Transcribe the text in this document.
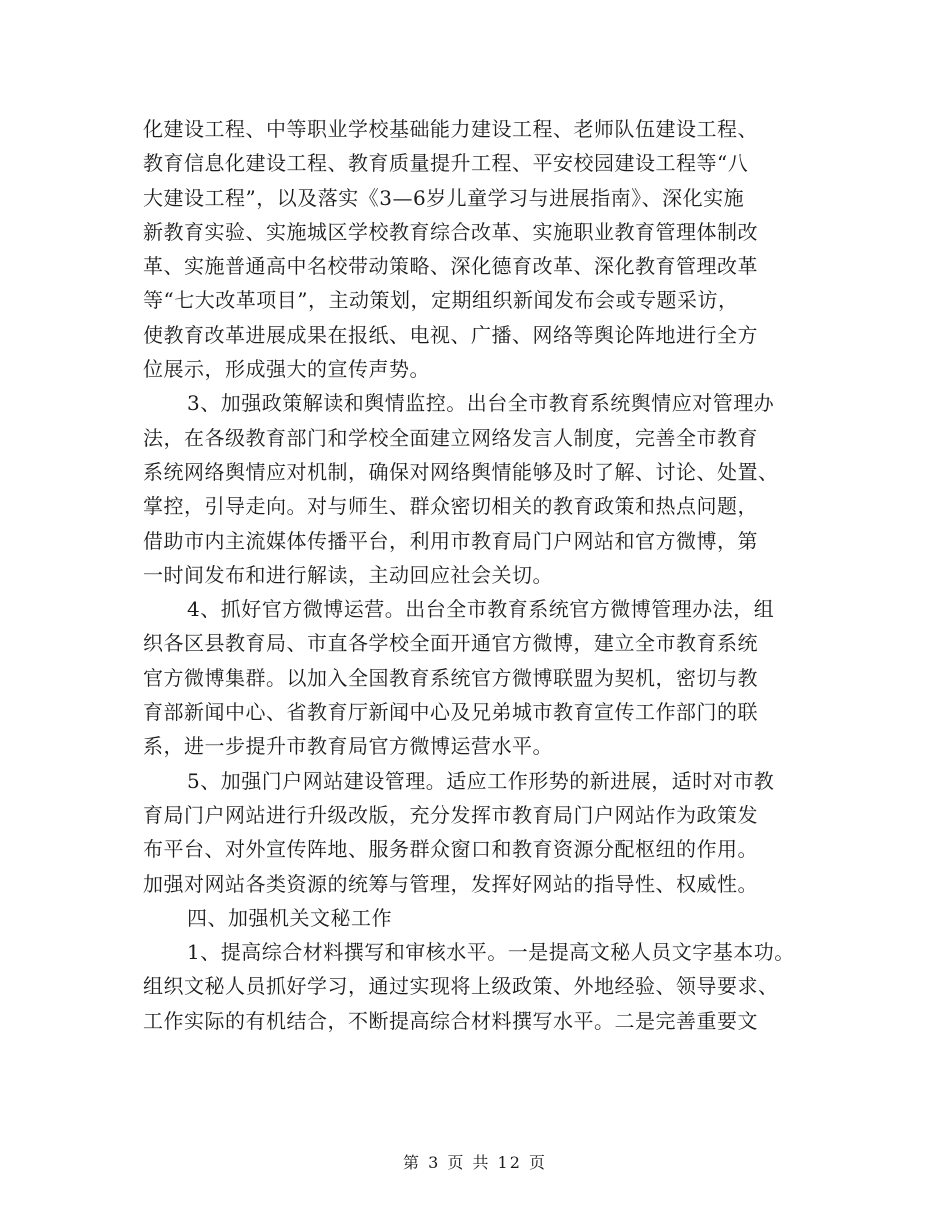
化建设工程、中等职业学校基础能力建设工程、老师队伍建设工程、
教育信息化建设工程、教育质量提升工程、平安校园建设工程等“八
大建设工程”，以及落实《3—6岁儿童学习与进展指南》、深化实施
新教育实验、实施城区学校教育综合改革、实施职业教育管理体制改
革、实施普通高中名校带动策略、深化德育改革、深化教育管理改革
等“七大改革项目”，主动策划，定期组织新闻发布会或专题采访，
使教育改革进展成果在报纸、电视、广播、网络等舆论阵地进行全方
位展示，形成强大的宣传声势。
3、加强政策解读和舆情监控。出台全市教育系统舆情应对管理办
法，在各级教育部门和学校全面建立网络发言人制度，完善全市教育
系统网络舆情应对机制，确保对网络舆情能够及时了解、讨论、处置、
掌控，引导走向。对与师生、群众密切相关的教育政策和热点问题，
借助市内主流媒体传播平台，利用市教育局门户网站和官方微博，第
一时间发布和进行解读，主动回应社会关切。
4、抓好官方微博运营。出台全市教育系统官方微博管理办法，组
织各区县教育局、市直各学校全面开通官方微博，建立全市教育系统
官方微博集群。以加入全国教育系统官方微博联盟为契机，密切与教
育部新闻中心、省教育厅新闻中心及兄弟城市教育宣传工作部门的联
系，进一步提升市教育局官方微博运营水平。
5、加强门户网站建设管理。适应工作形势的新进展，适时对市教
育局门户网站进行升级改版，充分发挥市教育局门户网站作为政策发
布平台、对外宣传阵地、服务群众窗口和教育资源分配枢纽的作用。
加强对网站各类资源的统筹与管理，发挥好网站的指导性、权威性。
四、加强机关文秘工作
1、提高综合材料撰写和审核水平。一是提高文秘人员文字基本功。
组织文秘人员抓好学习，通过实现将上级政策、外地经验、领导要求、
工作实际的有机结合，不断提高综合材料撰写水平。二是完善重要文
第 3 页 共 12 页
